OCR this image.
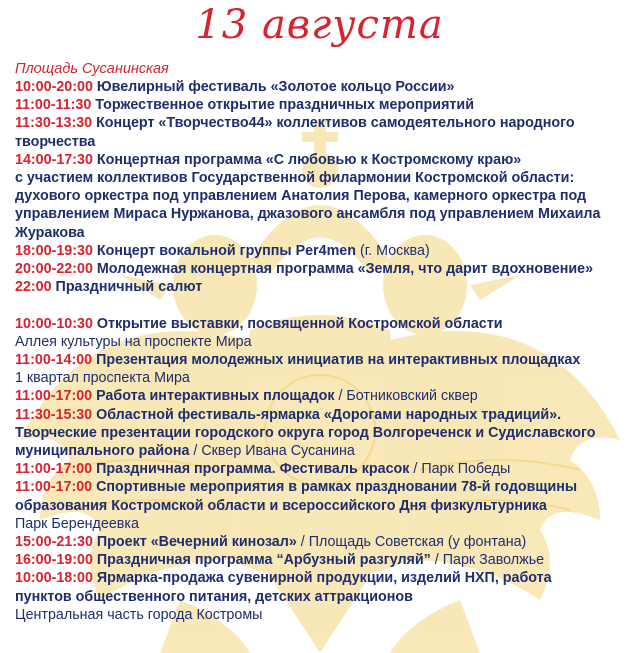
13 августа
Площадь Сусанинская
10:00-20:00 Ювелирный фестиваль «Золотое кольцо России»
11:00-11:30 Торжественное открытие праздничных мероприятий
11:30-13:30 Концерт «Творчество44» коллективов самодеятельного народного
творчества
14:00-17:30 Концертная программа «С любовью к Костромскому краю»
с участием коллективов Государственной филармонии Костромской области:
духового оркестра под управлением Анатолия Перова, камерного оркестра под
управлением Мираса Нуржанова, джазового ансамбля под управлением Михаила
Журакова
18:00-19:30 Концерт вокальной группы Per4men (г. Москва)
20:00-22:00 Молодежная концертная программа «Земля, что дарит вдохновение»
22:00 Праздничный салют
10:00-10:30 Открытие выставки, посвященной Костромской области
Аллея культуры на проспекте Мира
11:00-14:00 Презентация молодежных инициатив на интерактивных площадках
1 квартал проспекта Мира
11:00-17:00 Работа интерактивных площадок / Ботниковский сквер
11:30-15:30 Областной фестиваль-ярмарка «Дорогами народных традиций».
Творческие презентации городского округа город Волгореченск и Судиславского
муниципального района / Сквер Ивана Сусанина
11:00-17:00 Праздничная программа. Фестиваль красок / Парк Победы
11:00-17:00 Спортивные мероприятия в рамках праздновании 78-й годовщины
образования Костромской области и всероссийского Дня физкультурника
Парк Берендеевка
15:00-21:30 Проект «Вечерний кинозал» / Площадь Советская (у фонтана)
16:00-19:00 Праздничная программа “Арбузный разгуляй” / Парк Заволжье
10:00-18:00 Ярмарка-продажа сувенирной продукции, изделий НХП, работа
пунктов общественного питания, детских аттракционов
Центральная часть города Костромы
